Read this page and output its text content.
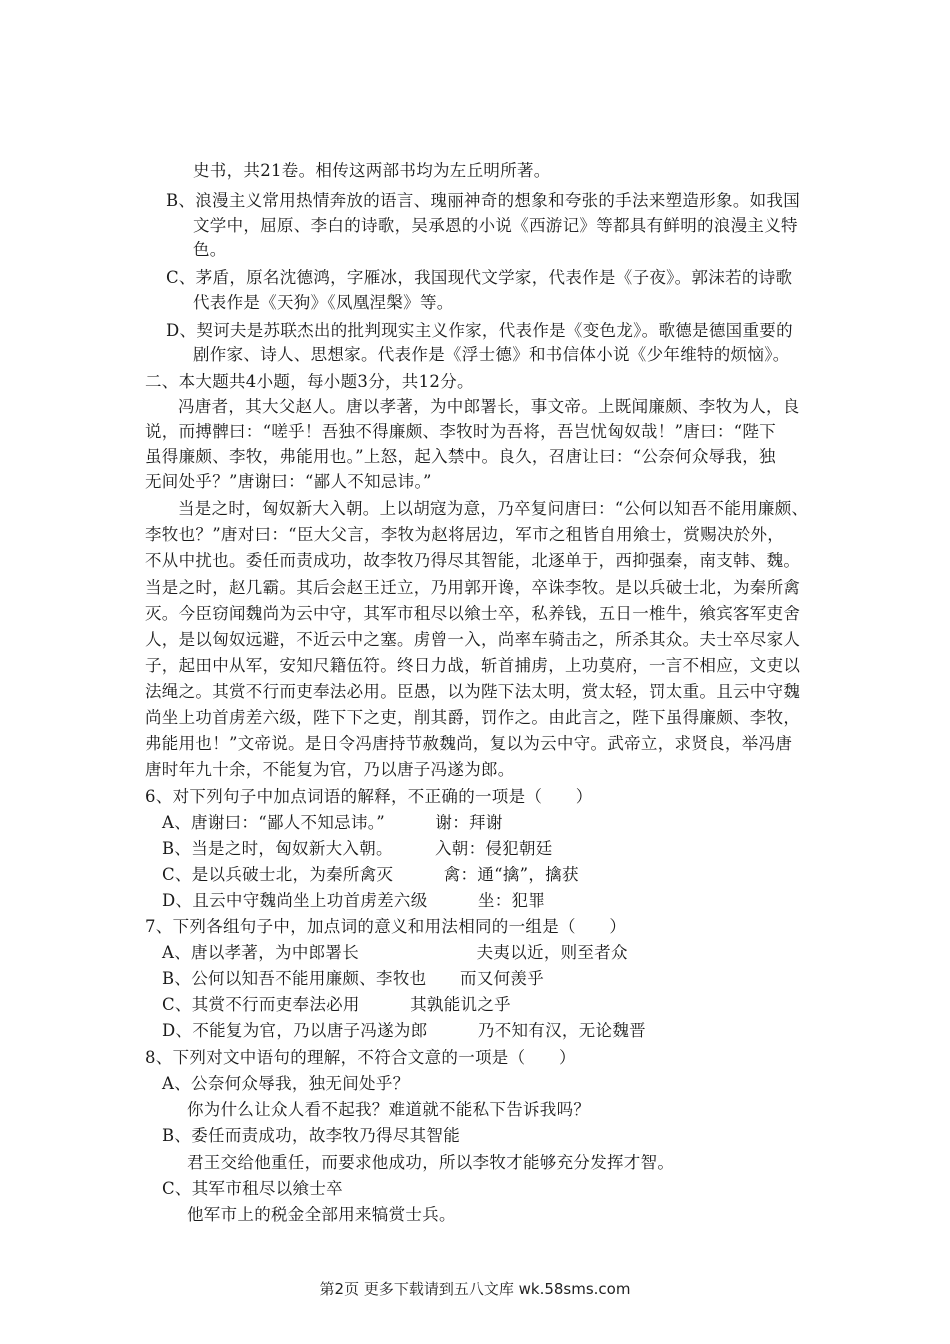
史书，共21卷。相传这两部书均为左丘明所著。
B、浪漫主义常用热情奔放的语言、瑰丽神奇的想象和夸张的手法来塑造形象。如我国
文学中，屈原、李白的诗歌，吴承恩的小说《西游记》等都具有鲜明的浪漫主义特
色。
C、茅盾，原名沈德鸿，字雁冰，我国现代文学家，代表作是《子夜》。郭沫若的诗歌
代表作是《天狗》《凤凰涅槃》等。
D、契诃夫是苏联杰出的批判现实主义作家，代表作是《变色龙》。歌德是德国重要的
剧作家、诗人、思想家。代表作是《浮士德》和书信体小说《少年维特的烦恼》。
二、本大题共4小题，每小题3分，共12分。
冯唐者，其大父赵人。唐以孝著，为中郎署长，事文帝。上既闻廉颇、李牧为人，良
说，而搏髀曰：“嗟乎！吾独不得廉颇、李牧时为吾将，吾岂忧匈奴哉！”唐曰：“陛下
虽得廉颇、李牧，弗能用也。”上怒，起入禁中。良久，召唐让曰：“公奈何众辱我，独
无间处乎？”唐谢曰：“鄙人不知忌讳。”
当是之时，匈奴新大入朝。上以胡寇为意，乃卒复问唐曰：“公何以知吾不能用廉颇、
李牧也？”唐对曰：“臣大父言，李牧为赵将居边，军市之租皆自用飨士，赏赐决於外，
不从中扰也。委任而责成功，故李牧乃得尽其智能，北逐单于，西抑强秦，南支韩、魏。
当是之时，赵几霸。其后会赵王迁立，乃用郭开谗，卒诛李牧。是以兵破士北，为秦所禽
灭。今臣窃闻魏尚为云中守，其军市租尽以飨士卒，私养钱，五日一椎牛，飨宾客军吏舍
人，是以匈奴远避，不近云中之塞。虏曾一入，尚率车骑击之，所杀其众。夫士卒尽家人
子，起田中从军，安知尺籍伍符。终日力战，斩首捕虏，上功莫府，一言不相应，文吏以
法绳之。其赏不行而吏奉法必用。臣愚，以为陛下法太明，赏太轻，罚太重。且云中守魏
尚坐上功首虏差六级，陛下下之吏，削其爵，罚作之。由此言之，陛下虽得廉颇、李牧，
弗能用也！”文帝说。是日令冯唐持节赦魏尚，复以为云中守。武帝立，求贤良，举冯唐
唐时年九十余，不能复为官，乃以唐子冯遂为郎。
6、对下列句子中加点词语的解释，不正确的一项是（　　）
A、唐谢曰：“鄙人不知忌讳。”　　　谢：拜谢
B、当是之时，匈奴新大入朝。　　　入朝：侵犯朝廷
C、是以兵破士北，为秦所禽灭　　　禽：通“擒”，擒获
D、且云中守魏尚坐上功首虏差六级　　　坐：犯罪
7、下列各组句子中，加点词的意义和用法相同的一组是（　　）
A、唐以孝著，为中郎署长　　　　　　　夫夷以近，则至者众
B、公何以知吾不能用廉颇、李牧也　　而又何羡乎
C、其赏不行而吏奉法必用　　　其孰能讥之乎
D、不能复为官，乃以唐子冯遂为郎　　　乃不知有汉，无论魏晋
8、下列对文中语句的理解，不符合文意的一项是（　　）
A、公奈何众辱我，独无间处乎？
你为什么让众人看不起我？难道就不能私下告诉我吗？
B、委任而责成功，故李牧乃得尽其智能
君王交给他重任，而要求他成功，所以李牧才能够充分发挥才智。
C、其军市租尽以飨士卒
他军市上的税金全部用来犒赏士兵。
第2页 更多下载请到五八文库 wk.58sms.com
